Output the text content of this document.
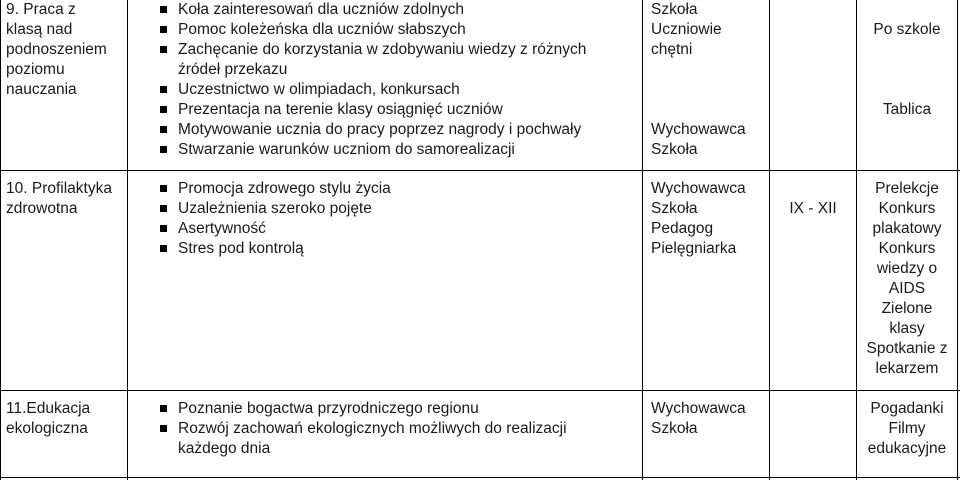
9. Praca z
klasą nad
podnoszeniem
poziomu
nauczania
Koła zainteresowań dla uczniów zdolnych
Pomoc koleżeńska dla uczniów słabszych
Zachęcanie do korzystania w zdobywaniu wiedzy z różnych
źródeł przekazu
Uczestnictwo w olimpiadach, konkursach
Prezentacja na terenie klasy osiągnięć uczniów
Motywowanie ucznia do pracy poprzez nagrody i pochwały
Stwarzanie warunków uczniom do samorealizacji
Szkoła
Uczniowie
chętni
Wychowawca
Szkoła
Po szkole
Tablica
10. Profilaktyka
zdrowotna
Promocja zdrowego stylu życia
Uzależnienia szeroko pojęte
Asertywność
Stres pod kontrolą
Wychowawca
Szkoła
Pedagog
Pielęgniarka
IX - XII
Prelekcje
Konkurs
plakatowy
Konkurs
wiedzy o
AIDS
Zielone
klasy
Spotkanie z
lekarzem
11.Edukacja
ekologiczna
Poznanie bogactwa przyrodniczego regionu
Rozwój zachowań ekologicznych możliwych do realizacji
każdego dnia
Wychowawca
Szkoła
Pogadanki
Filmy
edukacyjne
